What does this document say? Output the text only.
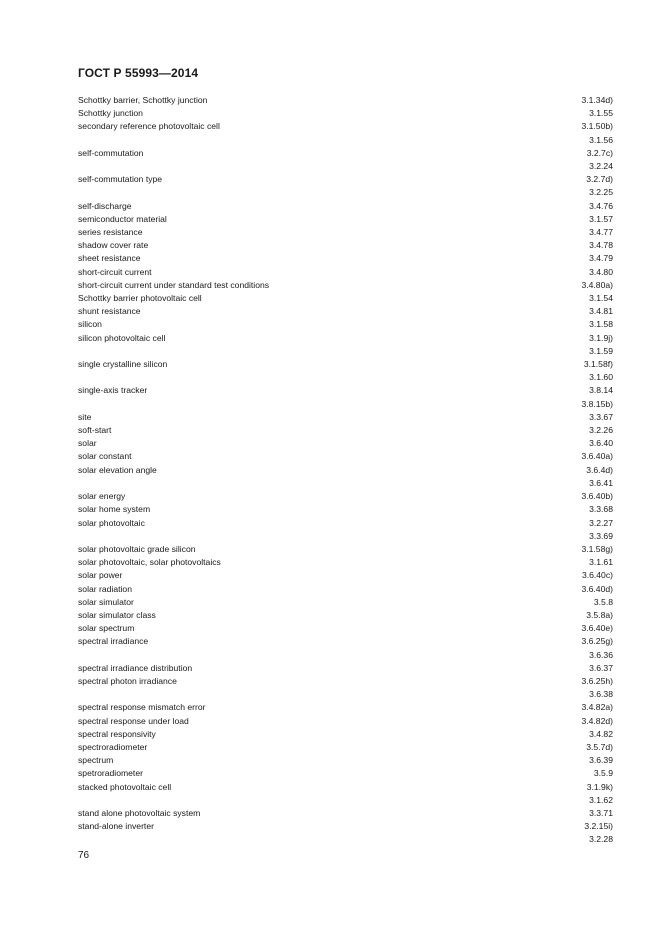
ГОСТ Р 55993—2014
Schottky barrier, Schottky junction	3.1.34d)
Schottky junction	3.1.55
secondary reference photovoltaic cell	3.1.50b)
3.1.56
self-commutation	3.2.7c)
3.2.24
self-commutation type	3.2.7d)
3.2.25
self-discharge	3.4.76
semiconductor material	3.1.57
series resistance	3.4.77
shadow cover rate	3.4.78
sheet resistance	3.4.79
short-circuit current	3.4.80
short-circuit current under standard test conditions	3.4.80a)
Schottky barrier photovoltaic cell	3.1.54
shunt resistance	3.4.81
silicon	3.1.58
silicon photovoltaic cell	3.1.9j)
3.1.59
single crystalline silicon	3.1.58f)
3.1.60
single-axis tracker	3.8.14
3.8.15b)
site	3.3.67
soft-start	3.2.26
solar	3.6.40
solar constant	3.6.40a)
solar elevation angle	3.6.4d)
3.6.41
solar energy	3.6.40b)
solar home system	3.3.68
solar photovoltaic	3.2.27
3.3.69
solar photovoltaic grade silicon	3.1.58g)
solar photovoltaic, solar photovoltaics	3.1.61
solar power	3.6.40c)
solar radiation	3.6.40d)
solar simulator	3.5.8
solar simulator class	3.5.8a)
solar spectrum	3.6.40e)
spectral irradiance	3.6.25g)
3.6.36
spectral irradiance distribution	3.6.37
spectral photon irradiance	3.6.25h)
3.6.38
spectral response mismatch error	3.4.82a)
spectral response under load	3.4.82d)
spectral responsivity	3.4.82
spectroradiometer	3.5.7d)
spectrum	3.6.39
spetroradiometer	3.5.9
stacked photovoltaic cell	3.1.9k)
3.1.62
stand alone photovoltaic system	3.3.71
stand-alone inverter	3.2.15i)
3.2.28
76
